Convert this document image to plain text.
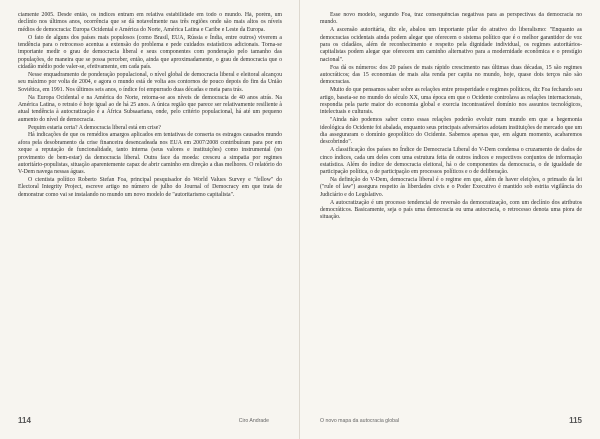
ciamente 2005. Desde então, os índices entram em relativa estabilidade em todo o mundo. Há, porém, um declínio nos últimos anos, ocorrência que se dá notavelmente nas três regiões onde são mais altos os níveis médios de democracia: Europa Ocidental e América do Norte, América Latina e Caribe e Leste da Europa.

O fato de alguns dos países mais populosos (como Brasil, EUA, Rússia e Índia, entre outros) viverem a tendência para o retrocesso acentua a extensão do problema e pede cuidados estatísticos adicionais. Torna-se importante medir o grau de democracia liberal e seus componentes com ponderação pelo tamanho das populações, de maneira que se possa perceber, então, ainda que aproximadamente, o grau de democracia que o cidadão médio pode valer-se, efetivamente, em cada país.

Nesse enquadramento de ponderação populacional, o nível global de democracia liberal e eleitoral alcançou seu máximo por volta de 2004, e agora o mundo está de volta aos contornos de pouco depois do fim da União Soviética, em 1991. Nos últimos seis anos, o índice foi empurrado duas décadas e meia para trás.

Na Europa Ocidental e na América do Norte, retorna-se aos níveis de democracia de 40 anos atrás. Na América Latina, o retraio é hoje igual ao de há 25 anos. A única região que parece ser relativamente resiliente à atual tendência à autocratização é a África Subsaariana, onde, pelo critério populacional, há até um pequeno aumento do nível de democracia.

Pequim estaria certa? A democracia liberal está em crise?

Há indicações de que os remédios amargos aplicados em tentativas de conserta os estragos causados mundo afora pela desobramento da crise financeira desencadeada nos EUA em 2007/2008 contribuíram para por em xeque a reputação de funcionalidade, tanto interna (seus valores e instituições) como instrumental (no provimento de bem-estar) da democracia liberal. Outra face da moeda: cresceu a simpatia por regimes autoritário-populistas, situação aparentemente capaz de abrir caminho em direção a dias melhores. O relatório do V-Dem navega nessas águas.

O cientista político Roberto Stefan Foa, principal pesquisador do World Values Survey e "fellow" do Electoral Integrity Project, escreve artigo no número de julho do Journal of Democracy em que trata de demonstrar como vai se instalando no mundo um novo modelo de "autoritarismo capitalista".

114	Ciro Andrade

Esse novo modelo, segundo Foa, traz consequências negativas para as perspectivas da democracia no mundo.

A ascensão autoritária, diz ele, abalou um importante pilar do atrativo do liberalismo: "Enquanto as democracias ocidentais ainda podem alegar que oferecem o sistema político que é o melhor garantidor de voz para os cidadãos, além de reconhecimento e respeito pela dignidade individual, os regimes autoritários-capitalistas podem alegar que oferecem um caminho alternativo para a modernidade econômica e o prestígio nacional".

Foa dá os números: dos 20 países de mais rápido crescimento nas últimas duas décadas, 15 são regimes autocráticos; das 15 economias de mais alta renda per capita no mundo, hoje, quase dois terços não são democracias.

Muito do que pensamos saber sobre as relações entre prosperidade e regimes políticos, diz Foa fechando seu artigo, baseia-se no mundo do século XX, uma época em que o Ocidente controlava as relações internacionais, respondia pela parte maior do economia global e exercia incontrastável domínio nos assuntos tecnológicos, intelectuais e culturais.

"Ainda não podemos saber como essas relações poderão evoluir num mundo em que a hegemonia ideológica do Ocidente foi abalada, enquanto seus principais adversários adotam instituições de mercado que um dia asseguraram o domínio geopolítico do Ocidente. Sabemos apenas que, em algum momento, acabaremos descobrindo".

A classificação dos países no Índice de Democracia Liberal do V-Dem condensa o cruzamento de dados de cinco índices, cada um deles com uma estrutura feita de outros índices e respectivos conjuntos de informação estatística. Além do índice de democracia eleitoral, há o de componentes da democracia, o de igualdade de participação política, o de participação em processos políticos e o de deliberação.

Na definição do V-Dem, democracia liberal é o regime em que, além de haver eleições, o primado da lei ("rule of law") assegura respeito às liberdades civis e o Poder Executivo é mantido sob estrita vigilância do Judiciário e do Legislativo.

A autocratização é um processo tendencial de reversão da democratização, com um declínio dos atributos democráticos. Basicamente, seja o país uma democracia ou uma autocracia, o retrocesso denota uma piora de situação.

O novo mapa da autocracia global	115
